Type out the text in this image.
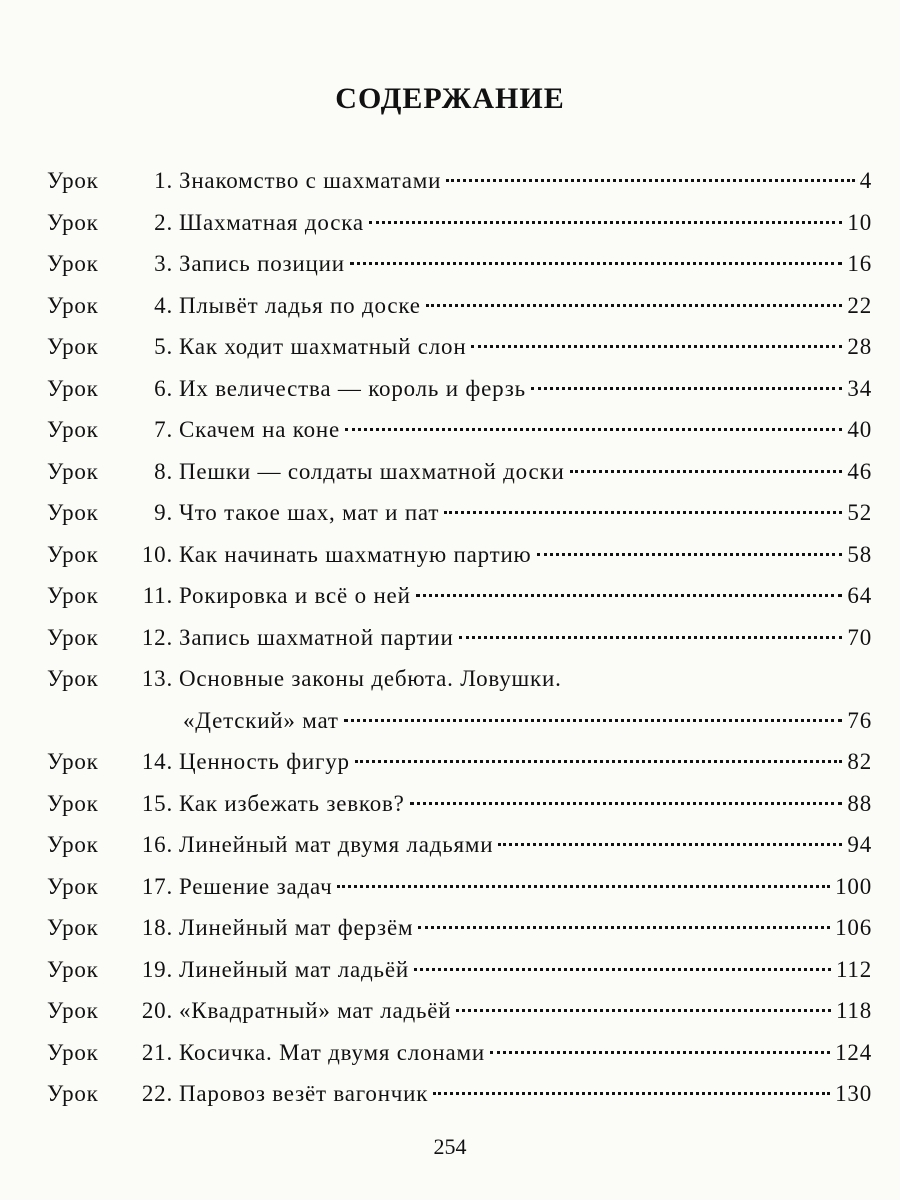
СОДЕРЖАНИЕ
Урок	1. Знакомство с шахматами	4
Урок	2. Шахматная доска	10
Урок	3. Запись позиции	16
Урок	4. Плывёт ладья по доске	22
Урок	5. Как ходит шахматный слон	28
Урок	6. Их величества — король и ферзь	34
Урок	7. Скачем на коне	40
Урок	8. Пешки — солдаты шахматной доски	46
Урок	9. Что такое шах, мат и пат	52
Урок	10. Как начинать шахматную партию	58
Урок	11. Рокировка и всё о ней	64
Урок	12. Запись шахматной партии	70
Урок	13. Основные законы дебюта. Ловушки.
«Детский» мат	76
Урок	14. Ценность фигур	82
Урок	15. Как избежать зевков?	88
Урок	16. Линейный мат двумя ладьями	94
Урок	17. Решение задач	100
Урок	18. Линейный мат ферзём	106
Урок	19. Линейный мат ладьёй	112
Урок	20. «Квадратный» мат ладьёй	118
Урок	21. Косичка. Мат двумя слонами	124
Урок	22. Паровоз везёт вагончик	130
254
